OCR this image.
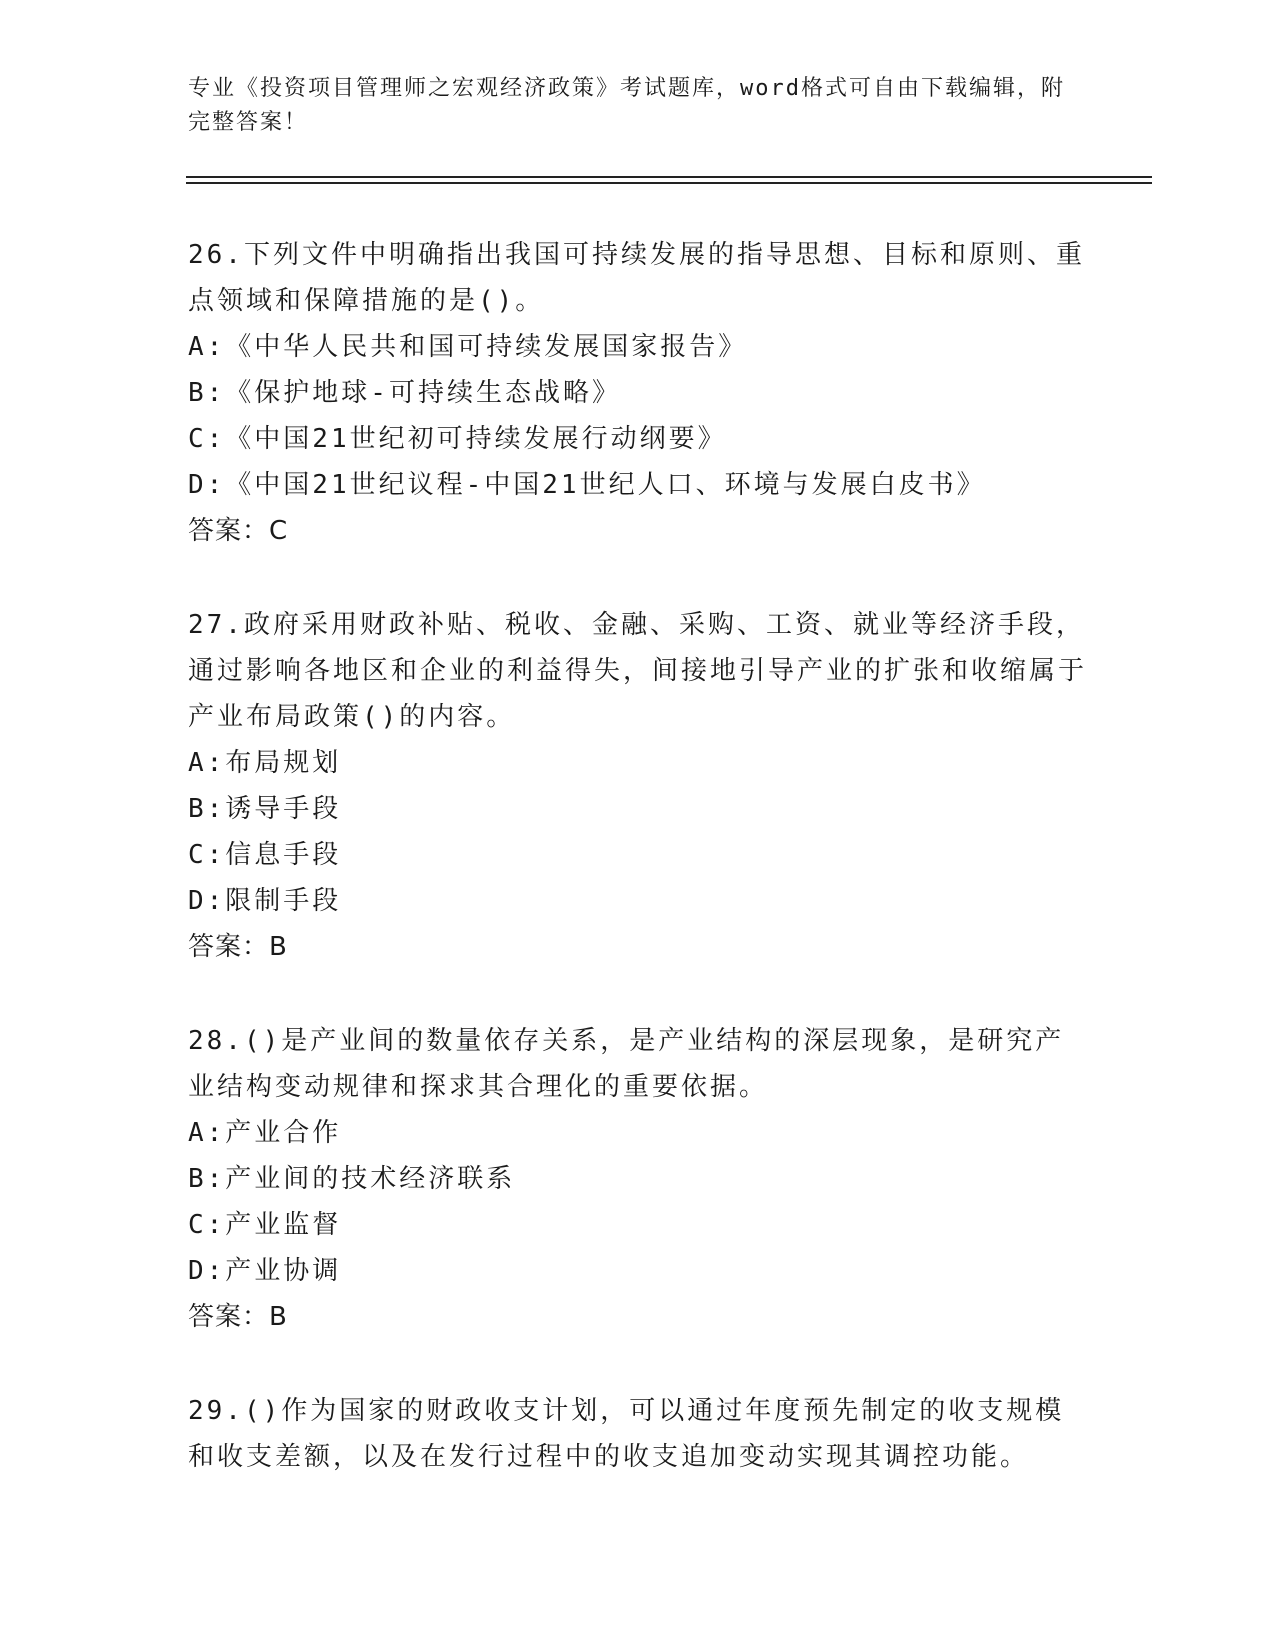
专业《投资项目管理师之宏观经济政策》考试题库，word格式可自由下载编辑，附完整答案！

26.下列文件中明确指出我国可持续发展的指导思想、目标和原则、重点领域和保障措施的是()。

A:《中华人民共和国可持续发展国家报告》

B:《保护地球-可持续生态战略》

C:《中国21世纪初可持续发展行动纲要》

D:《中国21世纪议程-中国21世纪人口、环境与发展白皮书》

答案：C

27.政府采用财政补贴、税收、金融、采购、工资、就业等经济手段，通过影响各地区和企业的利益得失，间接地引导产业的扩张和收缩属于产业布局政策()的内容。

A:布局规划

B:诱导手段

C:信息手段

D:限制手段

答案：B

28.()是产业间的数量依存关系，是产业结构的深层现象，是研究产业结构变动规律和探求其合理化的重要依据。

A:产业合作

B:产业间的技术经济联系

C:产业监督

D:产业协调

答案：B

29.()作为国家的财政收支计划，可以通过年度预先制定的收支规模和收支差额，以及在发行过程中的收支追加变动实现其调控功能。
